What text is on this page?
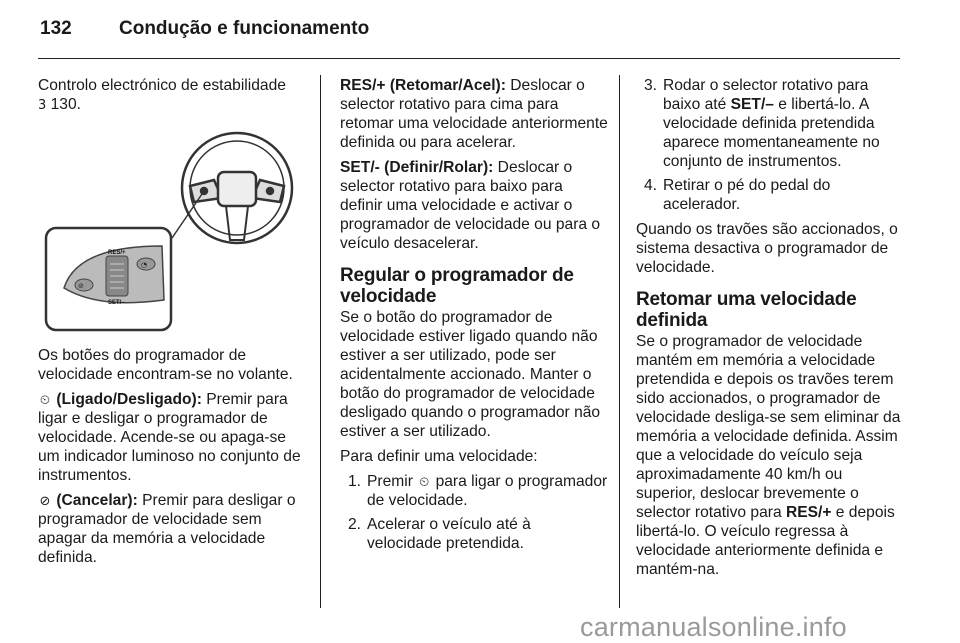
132 Condução e funcionamento

Controlo electrónico de estabilidade
3 130.

⊘
RES/+
SET/–
◔

Os botões do programador de velocidade encontram-se no volante.

⏲ (Ligado/Desligado): Premir para ligar e desligar o programador de velocidade. Acende-se ou apaga-se um indicador luminoso no conjunto de instrumentos.

⊘ (Cancelar): Premir para desligar o programador de velocidade sem apagar da memória a velocidade definida.

RES/+ (Retomar/Acel): Deslocar o selector rotativo para cima para retomar uma velocidade anteriormente definida ou para acelerar.

SET/- (Definir/Rolar): Deslocar o selector rotativo para baixo para definir uma velocidade e activar o programador de velocidade ou para o veículo desacelerar.

Regular o programador de velocidade

Se o botão do programador de velocidade estiver ligado quando não estiver a ser utilizado, pode ser acidentalmente accionado. Manter o botão do programador de velocidade desligado quando o programador não estiver a ser utilizado.

Para definir uma velocidade:

1. Premir ⏲ para ligar o programador de velocidade.
2. Acelerar o veículo até à velocidade pretendida.
3. Rodar o selector rotativo para baixo até SET/– e libertá-lo. A velocidade definida pretendida aparece momentaneamente no conjunto de instrumentos.
4. Retirar o pé do pedal do acelerador.

Quando os travões são accionados, o sistema desactiva o programador de velocidade.

Retomar uma velocidade definida

Se o programador de velocidade mantém em memória a velocidade pretendida e depois os travões terem sido accionados, o programador de velocidade desliga-se sem eliminar da memória a velocidade definida. Assim que a velocidade do veículo seja aproximadamente 40 km/h ou superior, deslocar brevemente o selector rotativo para RES/+ e depois libertá-lo. O veículo regressa à velocidade anteriormente definida e mantém-na.

carmanualsonline.info
